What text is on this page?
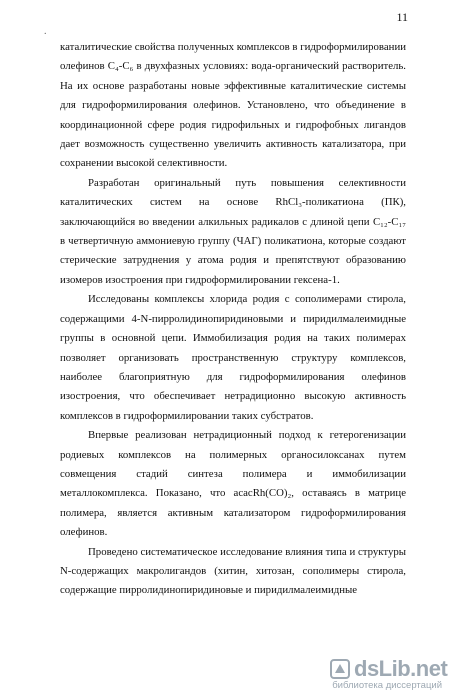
11
.

каталитические свойства полученных комплексов в гидроформилировании олефинов C₄-C₆ в двухфазных условиях: вода-органический растворитель. На их основе разработаны новые эффективные каталитические системы для гидроформилирования олефинов. Установлено, что объединение в координационной сфере родия гидрофильных и гидрофобных лигандов дает возможность существенно увеличить активность катализатора, при сохранении высокой селективности.

Разработан оригинальный путь повышения селективности каталитических систем на основе RhCl₃-поликатиона (ПК), заключающийся во введении алкильных радикалов с длиной цепи C₁₂-C₁₇ в четвертичную аммониевую группу (ЧАГ) поликатиона, которые создают стерические затруднения у атома родия и препятствуют образованию изомеров изостроения при гидроформилировании гексена-1.

Исследованы комплексы хлорида родия с сополимерами стирола, содержащими 4-N-пирролидинопиридиновыми и пиридилмалеимидные группы в основной цепи. Иммобилизация родия на таких полимерах позволяет организовать пространственную структуру комплексов, наиболее благоприятную для гидроформилирования олефинов изостроения, что обеспечивает нетрадиционно высокую активность комплексов в гидроформилировании таких субстратов.

Впервые реализован нетрадиционный подход к гетерогенизации родиевых комплексов на полимерных органосилоксанах путем совмещения стадий синтеза полимера и иммобилизации металлокомплекса. Показано, что acacRh(CO)₂, оставаясь в матрице полимера, является активным катализатором гидроформилирования олефинов.

Проведено систематическое исследование влияния типа и структуры N-содержащих макролигандов (хитин, хитозан, сополимеры стирола, содержащие пирролидинопиридиновые и пиридилмалеимидные

dsLib.net
библиотека диссертаций
